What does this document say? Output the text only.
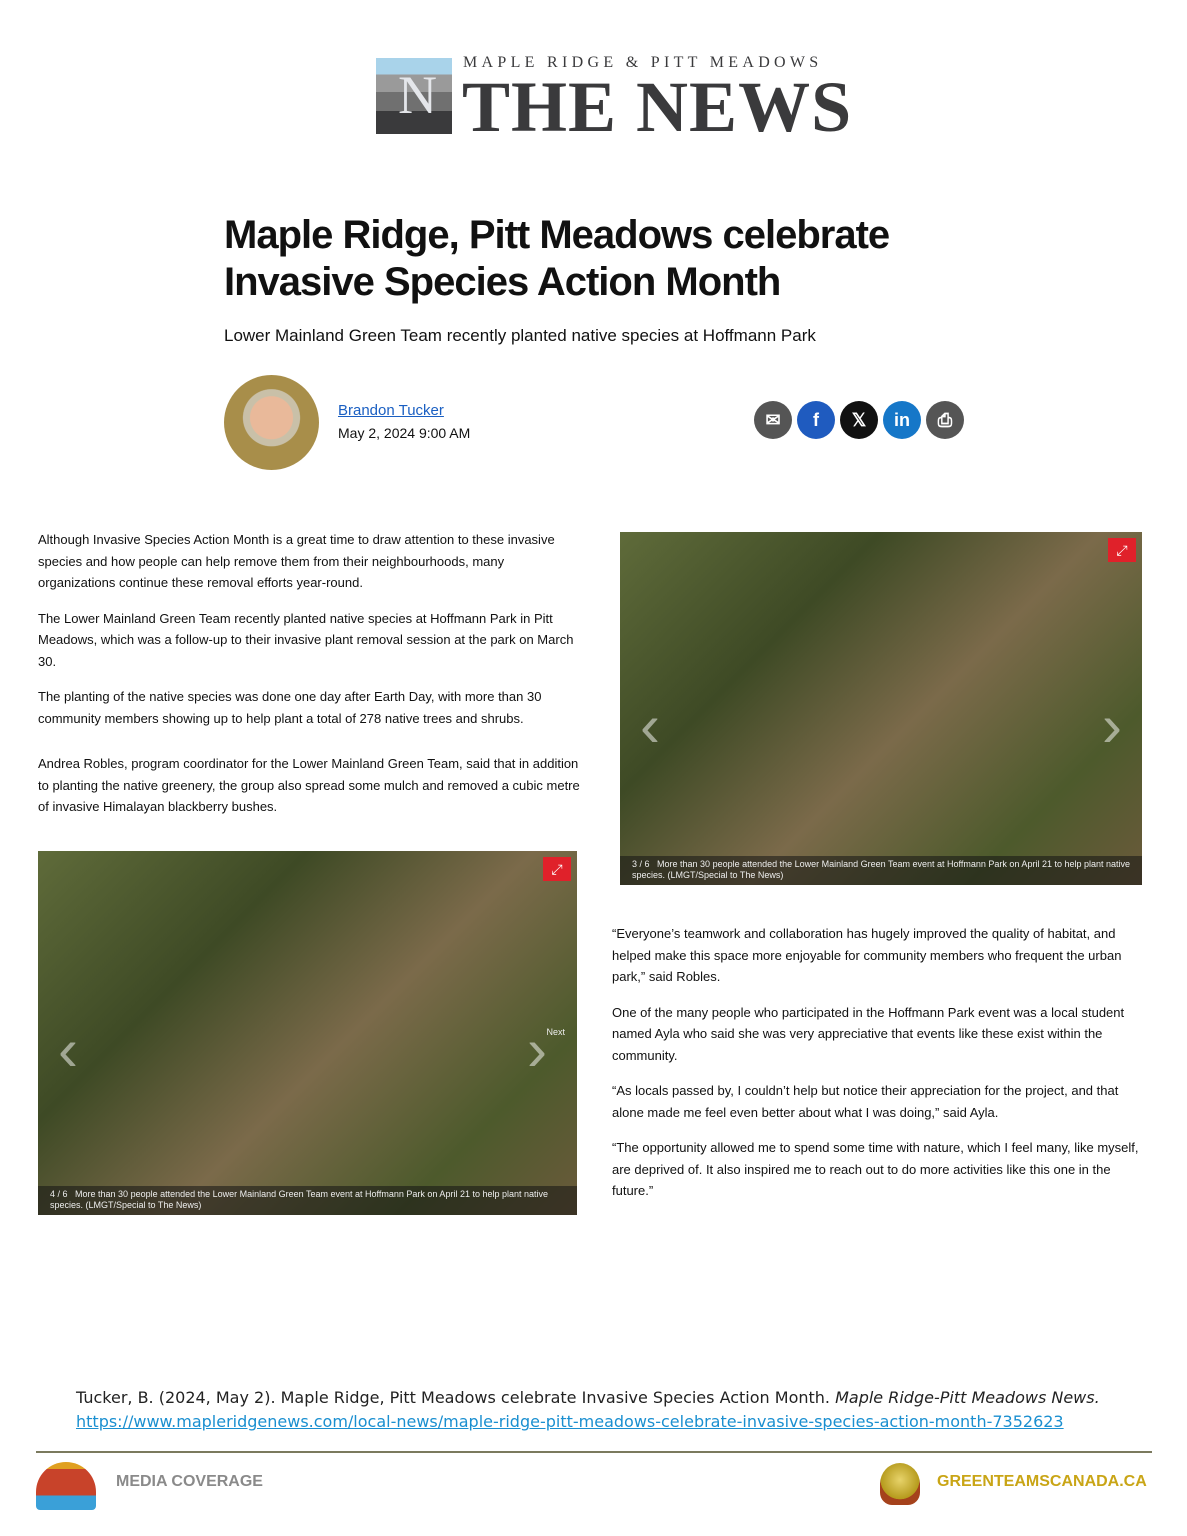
N
MAPLE RIDGE & PITT MEADOWS
THE NEWS
Maple Ridge, Pitt Meadows celebrate Invasive Species Action Month
Lower Mainland Green Team recently planted native species at Hoffmann Park
Brandon Tucker
May 2, 2024 9:00 AM
✉	f	𝕏	in	⎙

Although Invasive Species Action Month is a great time to draw attention to these invasive species and how people can help remove them from their neighbourhoods, many organizations continue these removal efforts year-round.

The Lower Mainland Green Team recently planted native species at Hoffmann Park in Pitt Meadows, which was a follow-up to their invasive plant removal session at the park on March 30.

The planting of the native species was done one day after Earth Day, with more than 30 community members showing up to help plant a total of 278 native trees and shrubs.

Andrea Robles, program coordinator for the Lower Mainland Green Team, said that in addition to planting the native greenery, the group also spread some mulch and removed a cubic metre of invasive Himalayan blackberry bushes.

‹	›
⤢
3 / 6 More than 30 people attended the Lower Mainland Green Team event at Hoffmann Park on April 21 to help plant native species. (LMGT/Special to The News)
‹	› Next
⤢
4 / 6 More than 30 people attended the Lower Mainland Green Team event at Hoffmann Park on April 21 to help plant native species. (LMGT/Special to The News)

“Everyone’s teamwork and collaboration has hugely improved the quality of habitat, and helped make this space more enjoyable for community members who frequent the urban park,” said Robles.

One of the many people who participated in the Hoffmann Park event was a local student named Ayla who said she was very appreciative that events like these exist within the community.

“As locals passed by, I couldn’t help but notice their appreciation for the project, and that alone made me feel even better about what I was doing,” said Ayla.

“The opportunity allowed me to spend some time with nature, which I feel many, like myself, are deprived of. It also inspired me to reach out to do more activities like this one in the future.”

Tucker, B. (2024, May 2). Maple Ridge, Pitt Meadows celebrate Invasive Species Action Month. Maple Ridge-Pitt Meadows News.
https://www.mapleridgenews.com/local-news/maple-ridge-pitt-meadows-celebrate-invasive-species-action-month-7352623
MEDIA COVERAGE	GREENTEAMSCANADA.CA
